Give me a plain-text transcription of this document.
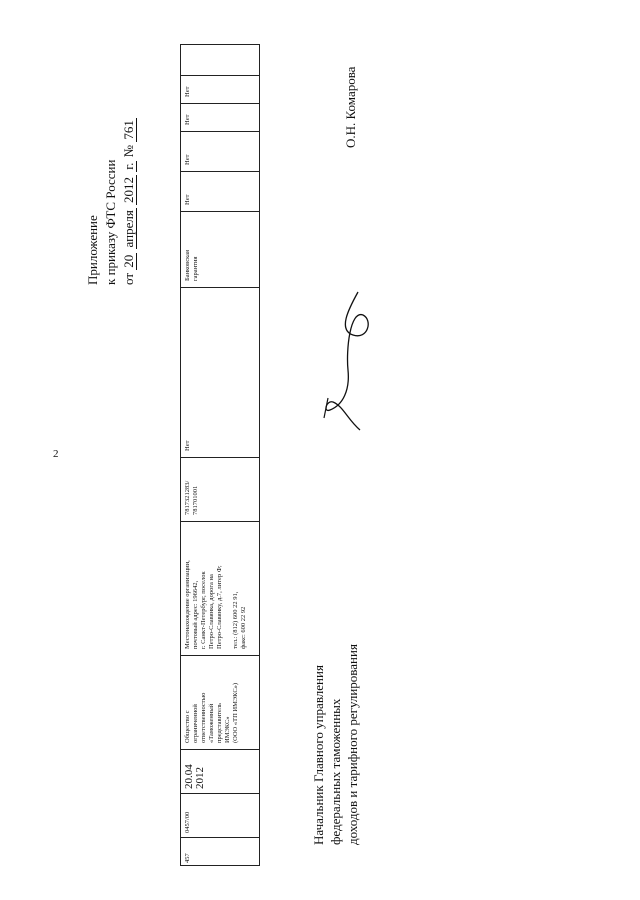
2
Приложение к приказу ФТС России от 20 апреля 2012 г. № 761
457
0457/00
20.04 2012
Общество с ограниченной ответственностью «Таможенный представитель ИМЭКС» (ООО «ТП ИМЭКС»)
Местонахождение организации, почтовый адрес: 196642, г. Санкт-Петербург, поселок Петро-Славянка, дорога на Петро-Славянку, д.7, литер Ф;
тел.: (812) 600 22 91, факс: 600 22 92
7817321283/ 781701001
Нет
Банковская гарантия
Нет
Нет
Нет
Нет
Начальник Главного управления федеральных таможенных доходов и тарифного регулирования
О.Н. Комарова
